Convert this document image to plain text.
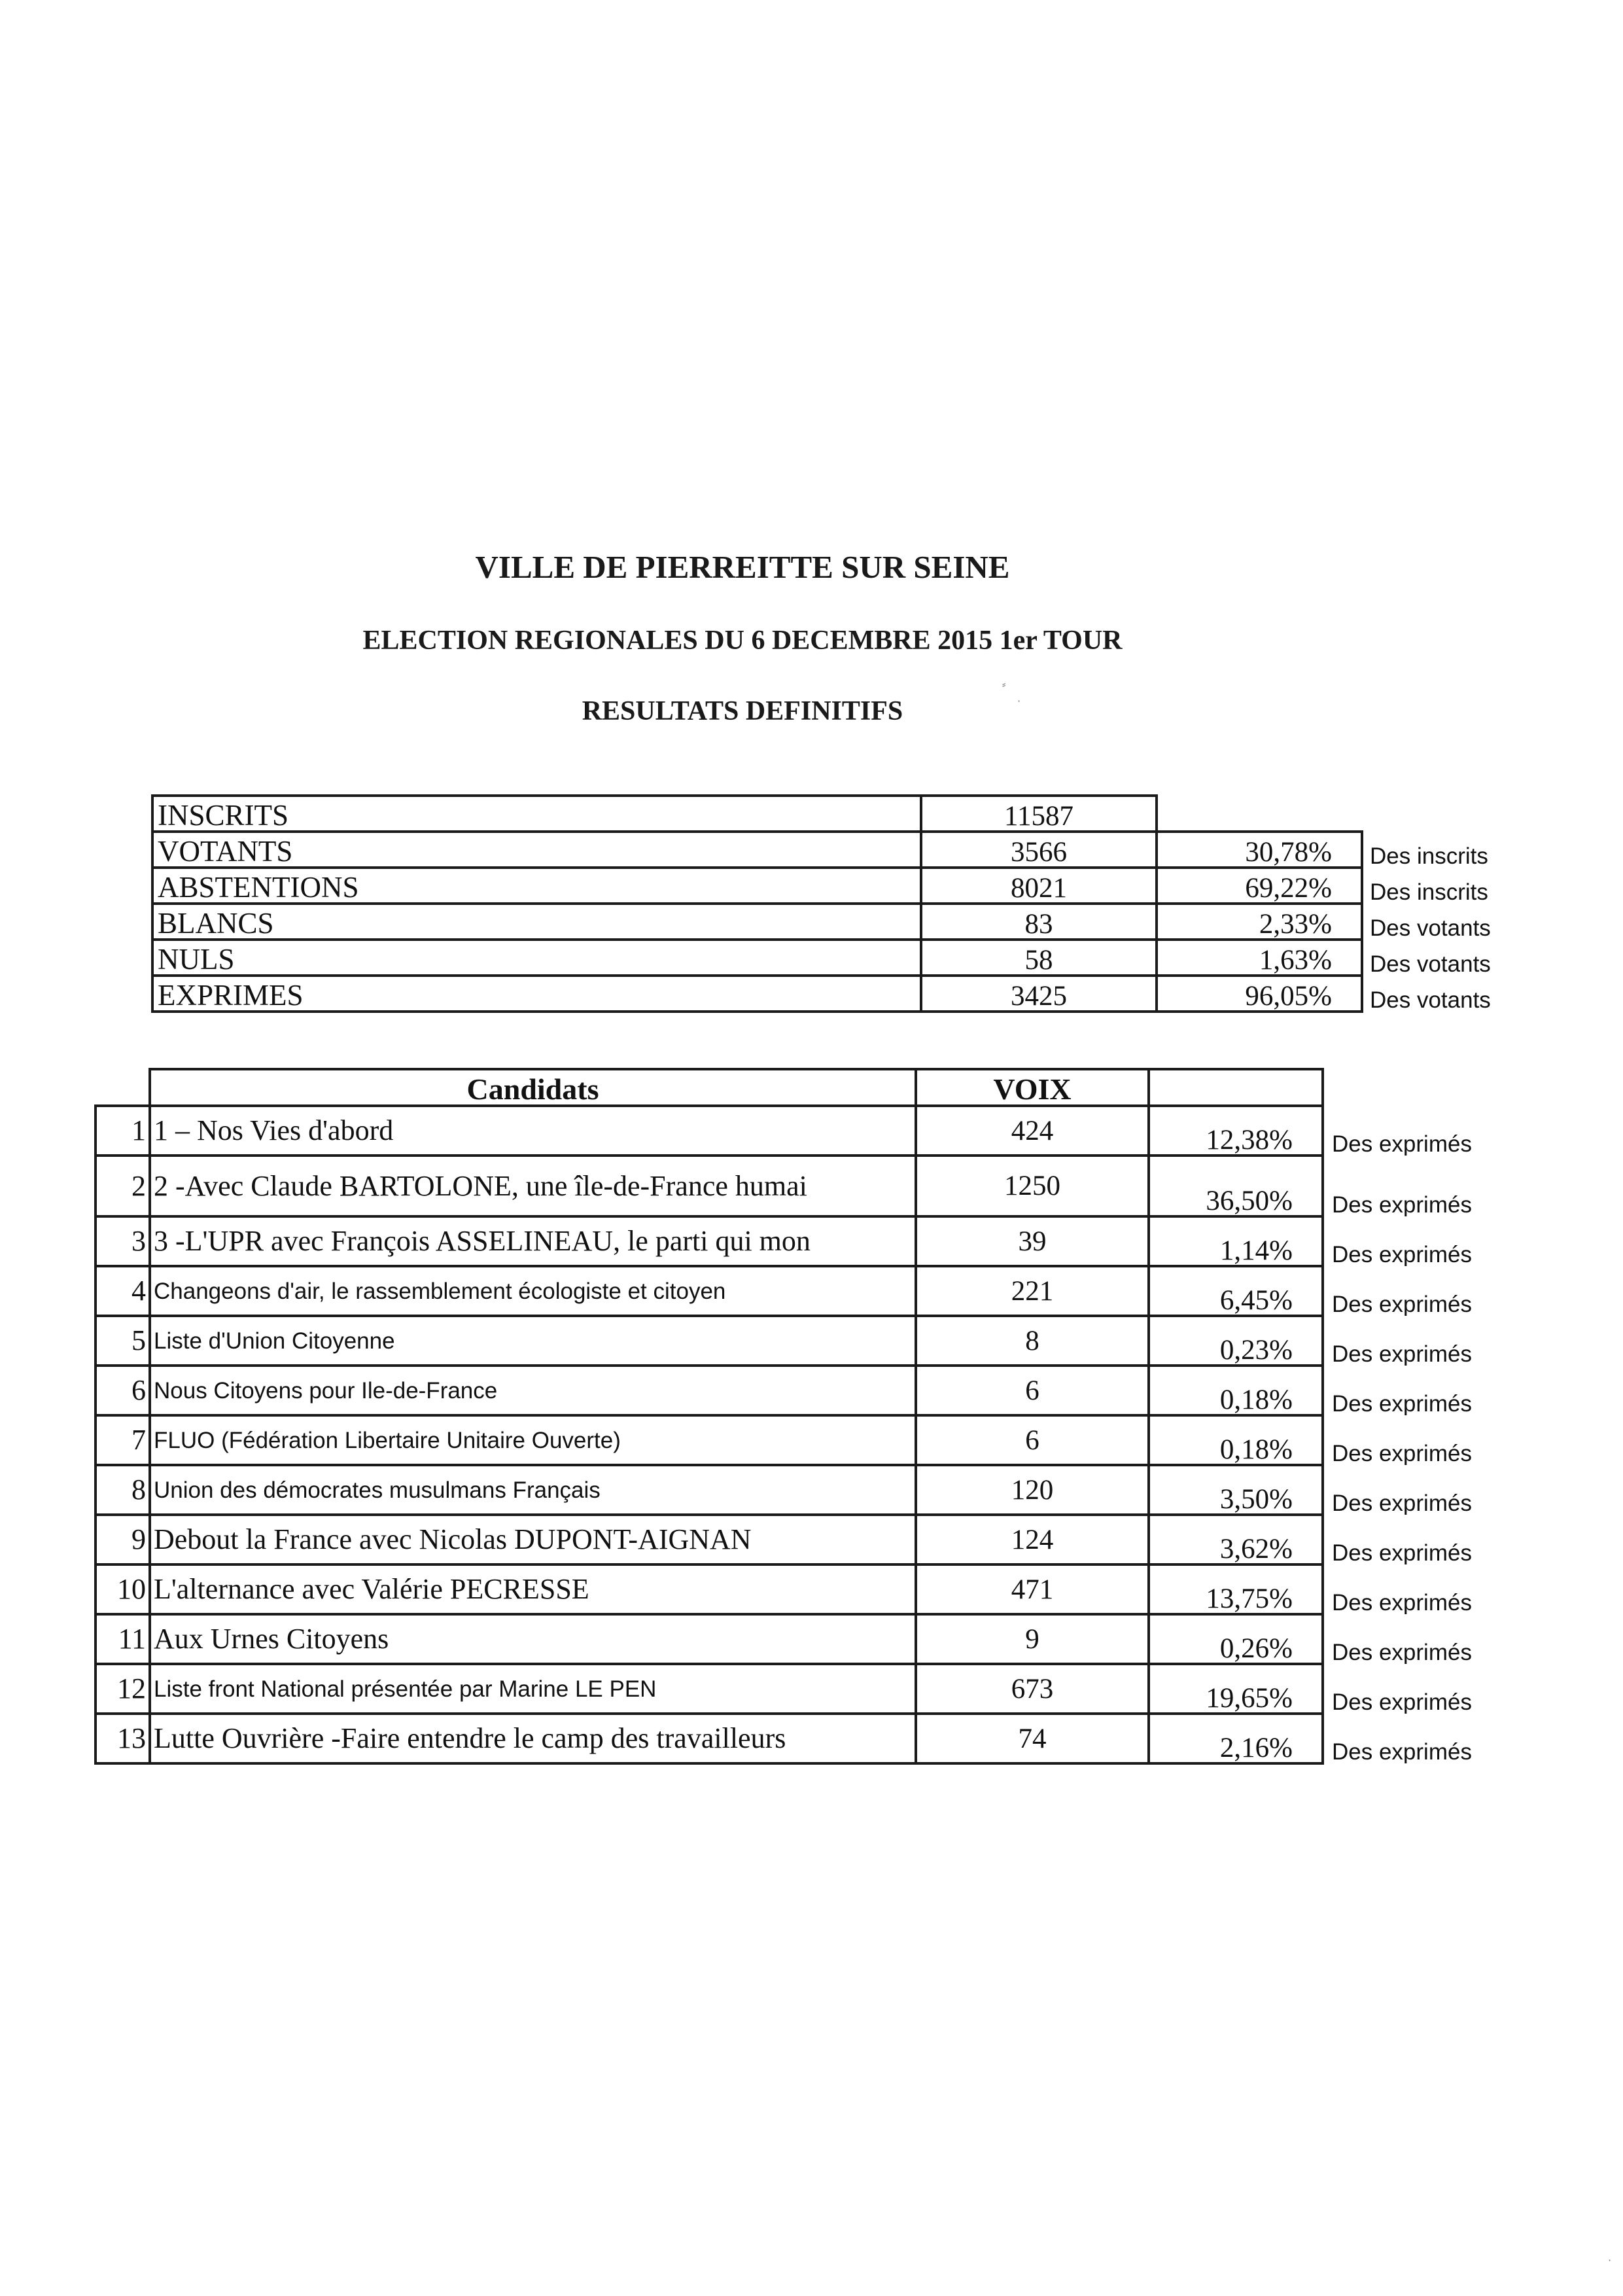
VILLE DE PIERREITTE SUR SEINE
ELECTION REGIONALES DU 6 DECEMBRE 2015 1er TOUR
RESULTATS DEFINITIFS
⸗
·
INSCRITS	11587		
VOTANTS	3566	30,78%	Des inscrits
ABSTENTIONS	8021	69,22%	Des inscrits
BLANCS	83	2,33%	Des votants
NULS	58	1,63%	Des votants
EXPRIMES	3425	96,05%	Des votants
	Candidats	VOIX		
1	1 – Nos Vies d'abord	424	12,38%	Des exprimés
2	2 -Avec Claude BARTOLONE, une île-de-France humai	1250	36,50%	Des exprimés
3	3 -L'UPR avec François ASSELINEAU, le parti qui mon	39	1,14%	Des exprimés
4	Changeons d'air, le rassemblement écologiste et citoyen	221	6,45%	Des exprimés
5	Liste d'Union Citoyenne	8	0,23%	Des exprimés
6	Nous Citoyens pour Ile-de-France	6	0,18%	Des exprimés
7	FLUO (Fédération Libertaire Unitaire Ouverte)	6	0,18%	Des exprimés
8	Union des démocrates musulmans Français	120	3,50%	Des exprimés
9	Debout la France avec Nicolas DUPONT-AIGNAN	124	3,62%	Des exprimés
10	L'alternance avec Valérie PECRESSE	471	13,75%	Des exprimés
11	Aux Urnes Citoyens	9	0,26%	Des exprimés
12	Liste front National présentée par Marine LE PEN	673	19,65%	Des exprimés
13	Lutte Ouvrière -Faire entendre le camp des travailleurs	74	2,16%	Des exprimés
·
